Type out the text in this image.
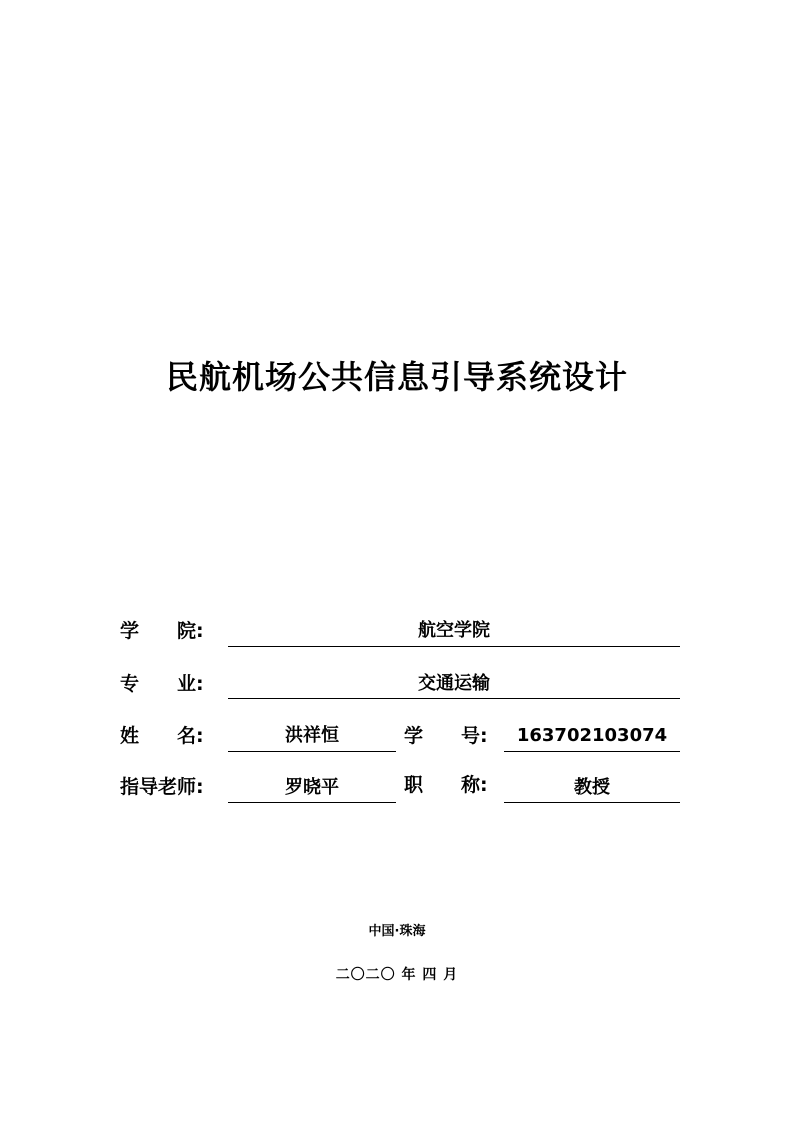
民航机场公共信息引导系统设计
学　　院:	航空学院
专　　业:	交通运输
姓　　名:	洪祥恒	学　　号:	163702103074
指导老师:	罗晓平	职　　称:	教授
中国·珠海
二〇二〇 年 四 月
